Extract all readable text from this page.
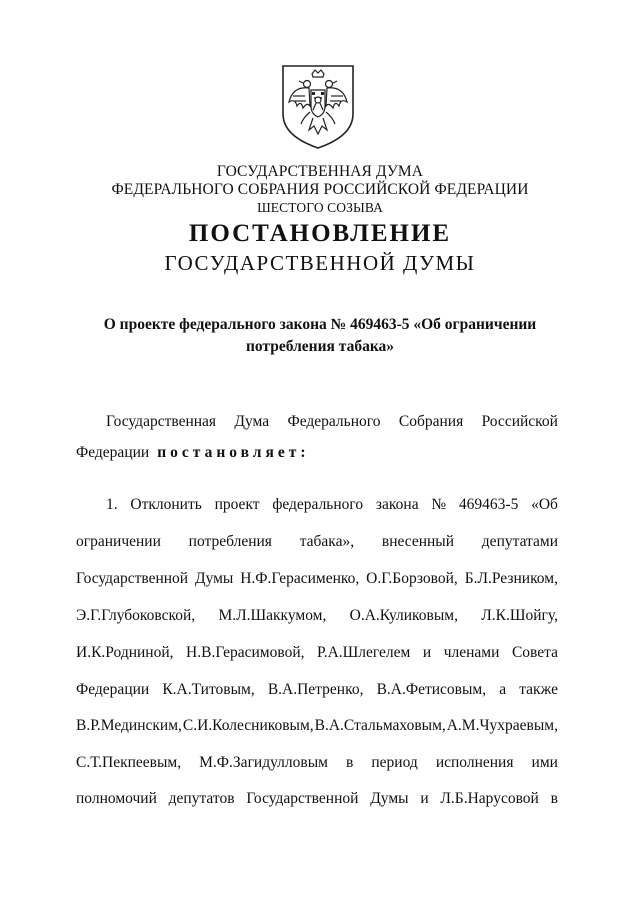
ГОСУДАРСТВЕННАЯ ДУМА
ФЕДЕРАЛЬНОГО СОБРАНИЯ РОССИЙСКОЙ ФЕДЕРАЦИИ
ШЕСТОГО СОЗЫВА
ПОСТАНОВЛЕНИЕ
ГОСУДАРСТВЕННОЙ ДУМЫ
О проекте федерального закона № 469463-5 «Об ограничении
потребления табака»
Государственная Дума Федерального Собрания Российской
Федерации постановляет:
1. Отклонить проект федерального закона № 469463-5 «Об
ограничении потребления табака», внесенный депутатами
Государственной Думы Н.Ф.Герасименко, О.Г.Борзовой, Б.Л.Резником,
Э.Г.Глубоковской, М.Л.Шаккумом, О.А.Куликовым, Л.К.Шойгу,
И.К.Родниной, Н.В.Герасимовой, Р.А.Шлегелем и членами Совета
Федерации К.А.Титовым, В.А.Петренко, В.А.Фетисовым, а также
В.Р.Мединским, С.И.Колесниковым, В.А.Стальмаховым, А.М.Чухраевым,
С.Т.Пекпеевым, М.Ф.Загидулловым в период исполнения ими
полномочий депутатов Государственной Думы и Л.Б.Нарусовой в
